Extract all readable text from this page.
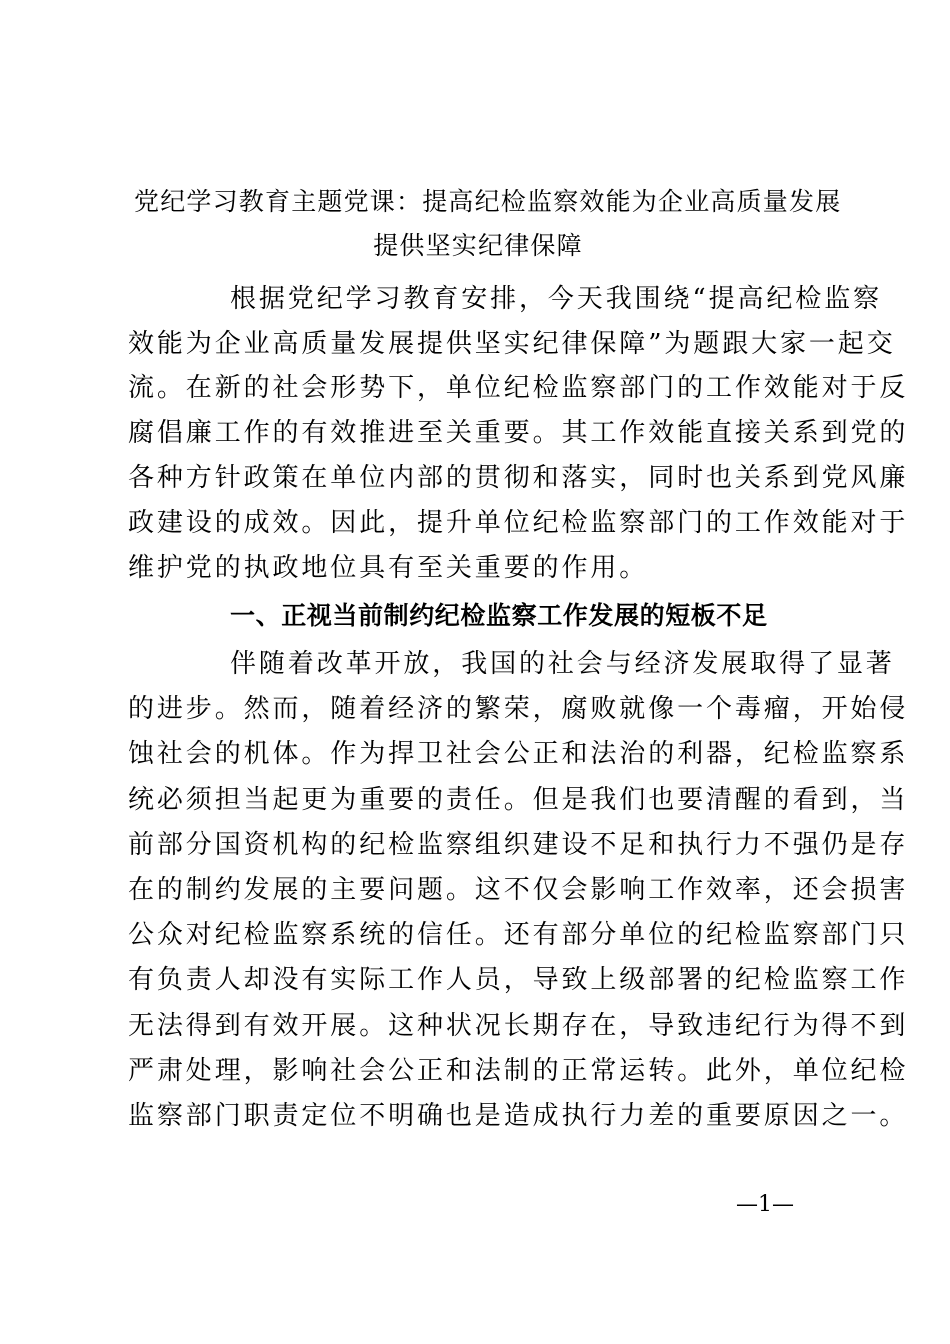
党纪学习教育主题党课：提高纪检监察效能为企业高质量发展
提供坚实纪律保障
根据党纪学习教育安排，今天我围绕“提高纪检监察
效能为企业高质量发展提供坚实纪律保障”为题跟大家一起交
流。在新的社会形势下，单位纪检监察部门的工作效能对于反
腐倡廉工作的有效推进至关重要。其工作效能直接关系到党的
各种方针政策在单位内部的贯彻和落实，同时也关系到党风廉
政建设的成效。因此，提升单位纪检监察部门的工作效能对于
维护党的执政地位具有至关重要的作用。
一、正视当前制约纪检监察工作发展的短板不足
伴随着改革开放，我国的社会与经济发展取得了显著
的进步。然而，随着经济的繁荣，腐败就像一个毒瘤，开始侵
蚀社会的机体。作为捍卫社会公正和法治的利器，纪检监察系
统必须担当起更为重要的责任。但是我们也要清醒的看到，当
前部分国资机构的纪检监察组织建设不足和执行力不强仍是存
在的制约发展的主要问题。这不仅会影响工作效率，还会损害
公众对纪检监察系统的信任。还有部分单位的纪检监察部门只
有负责人却没有实际工作人员，导致上级部署的纪检监察工作
无法得到有效开展。这种状况长期存在，导致违纪行为得不到
严肃处理，影响社会公正和法制的正常运转。此外，单位纪检
监察部门职责定位不明确也是造成执行力差的重要原因之一。
—1—
